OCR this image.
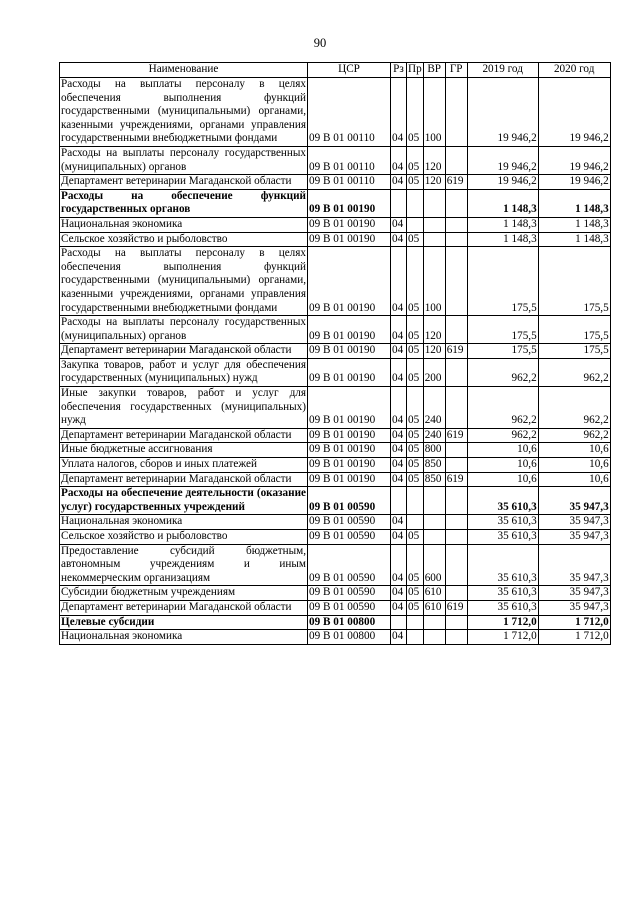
90
Наименование	ЦСР	Рз	Пр	ВР	ГР	2019 год	2020 год
Расходы на выплаты персоналу в целях обеспечения выполнения функций государственными (муниципальными) органами, казенными учреждениями, органами управления государственными внебюджетными фондами	09 В 01 00110	04	05	100		19 946,2	19 946,2
Расходы на выплаты персоналу государственных (муниципальных) органов	09 В 01 00110	04	05	120		19 946,2	19 946,2
Департамент ветеринарии Магаданской области	09 В 01 00110	04	05	120	619	19 946,2	19 946,2
Расходы на обеспечение функций государственных органов	09 В 01 00190					1 148,3	1 148,3
Национальная экономика	09 В 01 00190	04				1 148,3	1 148,3
Сельское хозяйство и рыболовство	09 В 01 00190	04	05			1 148,3	1 148,3
Расходы на выплаты персоналу в целях обеспечения выполнения функций государственными (муниципальными) органами, казенными учреждениями, органами управления государственными внебюджетными фондами	09 В 01 00190	04	05	100		175,5	175,5
Расходы на выплаты персоналу государственных (муниципальных) органов	09 В 01 00190	04	05	120		175,5	175,5
Департамент ветеринарии Магаданской области	09 В 01 00190	04	05	120	619	175,5	175,5
Закупка товаров, работ и услуг для обеспечения государственных (муниципальных) нужд	09 В 01 00190	04	05	200		962,2	962,2
Иные закупки товаров, работ и услуг для обеспечения государственных (муниципальных) нужд	09 В 01 00190	04	05	240		962,2	962,2
Департамент ветеринарии Магаданской области	09 В 01 00190	04	05	240	619	962,2	962,2
Иные бюджетные ассигнования	09 В 01 00190	04	05	800		10,6	10,6
Уплата налогов, сборов и иных платежей	09 В 01 00190	04	05	850		10,6	10,6
Департамент ветеринарии Магаданской области	09 В 01 00190	04	05	850	619	10,6	10,6
Расходы на обеспечение деятельности (оказание услуг) государственных учреждений	09 В 01 00590					35 610,3	35 947,3
Национальная экономика	09 В 01 00590	04				35 610,3	35 947,3
Сельское хозяйство и рыболовство	09 В 01 00590	04	05			35 610,3	35 947,3
Предоставление субсидий бюджетным, автономным учреждениям и иным некоммерческим организациям	09 В 01 00590	04	05	600		35 610,3	35 947,3
Субсидии бюджетным учреждениям	09 В 01 00590	04	05	610		35 610,3	35 947,3
Департамент ветеринарии Магаданской области	09 В 01 00590	04	05	610	619	35 610,3	35 947,3
Целевые субсидии	09 В 01 00800					1 712,0	1 712,0
Национальная экономика	09 В 01 00800	04				1 712,0	1 712,0
